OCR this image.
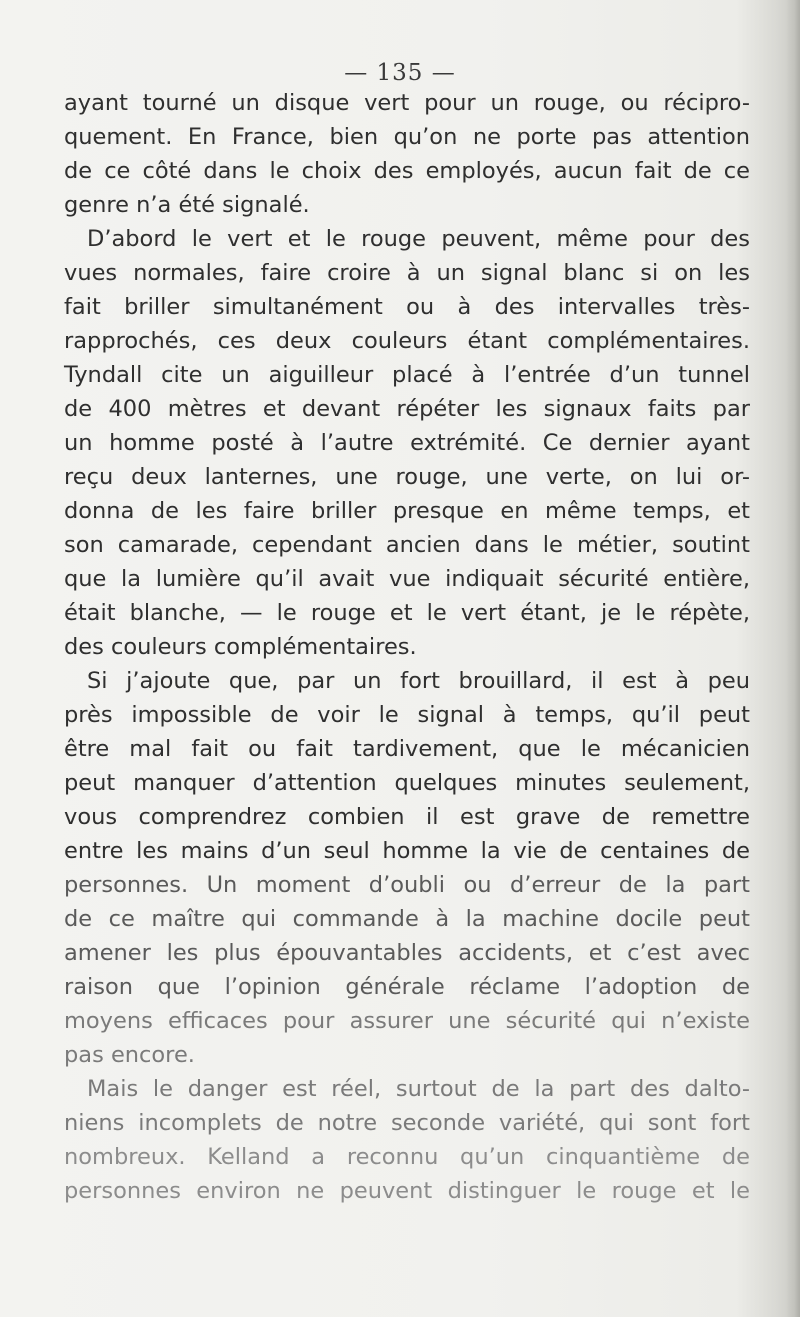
— 135 —
ayant tourné un disque vert pour un rouge, ou récipro-
quement. En France, bien qu’on ne porte pas attention
de ce côté dans le choix des employés, aucun fait de ce
genre n’a été signalé.
D’abord le vert et le rouge peuvent, même pour des
vues normales, faire croire à un signal blanc si on les
fait briller simultanément ou à des intervalles très-
rapprochés, ces deux couleurs étant complémentaires.
Tyndall cite un aiguilleur placé à l’entrée d’un tunnel
de 400 mètres et devant répéter les signaux faits par
un homme posté à l’autre extrémité. Ce dernier ayant
reçu deux lanternes, une rouge, une verte, on lui or-
donna de les faire briller presque en même temps, et
son camarade, cependant ancien dans le métier, soutint
que la lumière qu’il avait vue indiquait sécurité entière,
était blanche, — le rouge et le vert étant, je le répète,
des couleurs complémentaires.
Si j’ajoute que, par un fort brouillard, il est à peu
près impossible de voir le signal à temps, qu’il peut
être mal fait ou fait tardivement, que le mécanicien
peut manquer d’attention quelques minutes seulement,
vous comprendrez combien il est grave de remettre
entre les mains d’un seul homme la vie de centaines de
personnes. Un moment d’oubli ou d’erreur de la part
de ce maître qui commande à la machine docile peut
amener les plus épouvantables accidents, et c’est avec
raison que l’opinion générale réclame l’adoption de
moyens efficaces pour assurer une sécurité qui n’existe
pas encore.
Mais le danger est réel, surtout de la part des dalto-
niens incomplets de notre seconde variété, qui sont fort
nombreux. Kelland a reconnu qu’un cinquantième de
personnes environ ne peuvent distinguer le rouge et le
